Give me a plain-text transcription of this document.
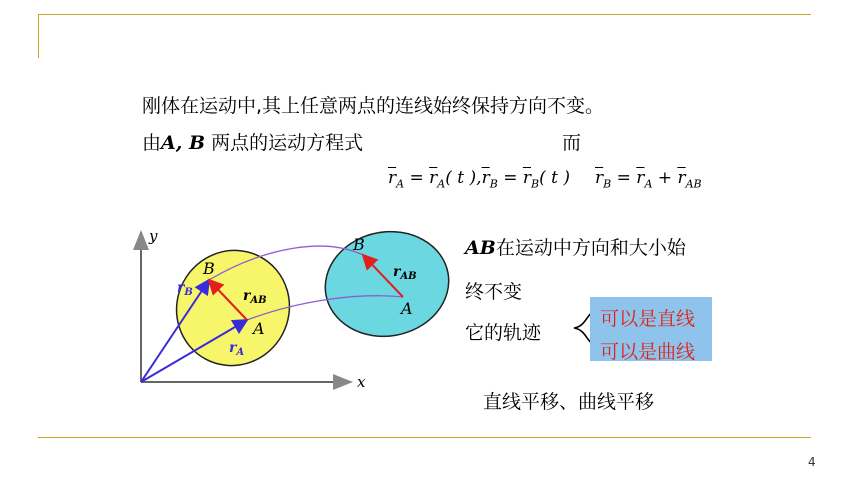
刚体在运动中,其上任意两点的连线始终保持方向不变。
由A, B 两点的运动方程式	而
$\overline{r}_A = \overline{r}_A$( t )$,\overline{r}_B = \overline{r}_B$( t ) $\overline{r}_B = \overline{r}_A + \overline{r}_{AB}$
AB在运动中方向和大小始
终不变
它的轨迹
可以是直线
可以是曲线
直线平移、曲线平移
4
y
x
B
A
B
A
$r_B$
$r_A$
$r_{AB}$
$r_{AB}$
